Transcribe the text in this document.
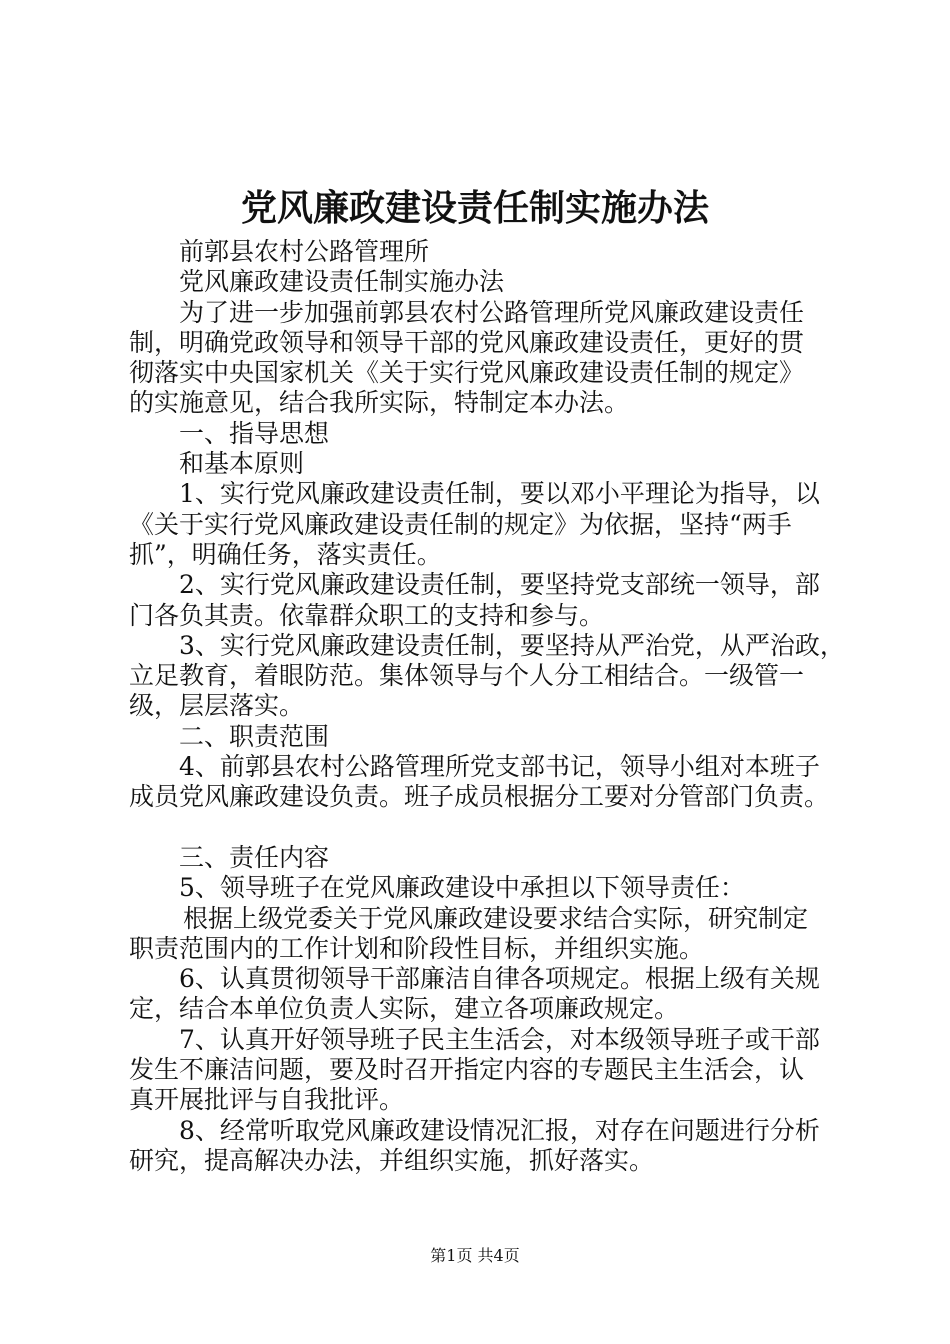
党风廉政建设责任制实施办法
前郭县农村公路管理所
党风廉政建设责任制实施办法
为了进一步加强前郭县农村公路管理所党风廉政建设责任
制，明确党政领导和领导干部的党风廉政建设责任，更好的贯
彻落实中央国家机关《关于实行党风廉政建设责任制的规定》
的实施意见，结合我所实际，特制定本办法。
一、指导思想
和基本原则
1、实行党风廉政建设责任制，要以邓小平理论为指导，以
《关于实行党风廉政建设责任制的规定》为依据，坚持“两手
抓”，明确任务，落实责任。
2、实行党风廉政建设责任制，要坚持党支部统一领导，部
门各负其责。依靠群众职工的支持和参与。
3、实行党风廉政建设责任制，要坚持从严治党，从严治政，
立足教育，着眼防范。集体领导与个人分工相结合。一级管一
级，层层落实。
二、职责范围
4、前郭县农村公路管理所党支部书记，领导小组对本班子
成员党风廉政建设负责。班子成员根据分工要对分管部门负责。
三、责任内容
5、领导班子在党风廉政建设中承担以下领导责任：
根据上级党委关于党风廉政建设要求结合实际，研究制定
职责范围内的工作计划和阶段性目标，并组织实施。
6、认真贯彻领导干部廉洁自律各项规定。根据上级有关规
定，结合本单位负责人实际，建立各项廉政规定。
7、认真开好领导班子民主生活会，对本级领导班子或干部
发生不廉洁问题，要及时召开指定内容的专题民主生活会，认
真开展批评与自我批评。
8、经常听取党风廉政建设情况汇报，对存在问题进行分析
研究，提高解决办法，并组织实施，抓好落实。
第1页 共4页
